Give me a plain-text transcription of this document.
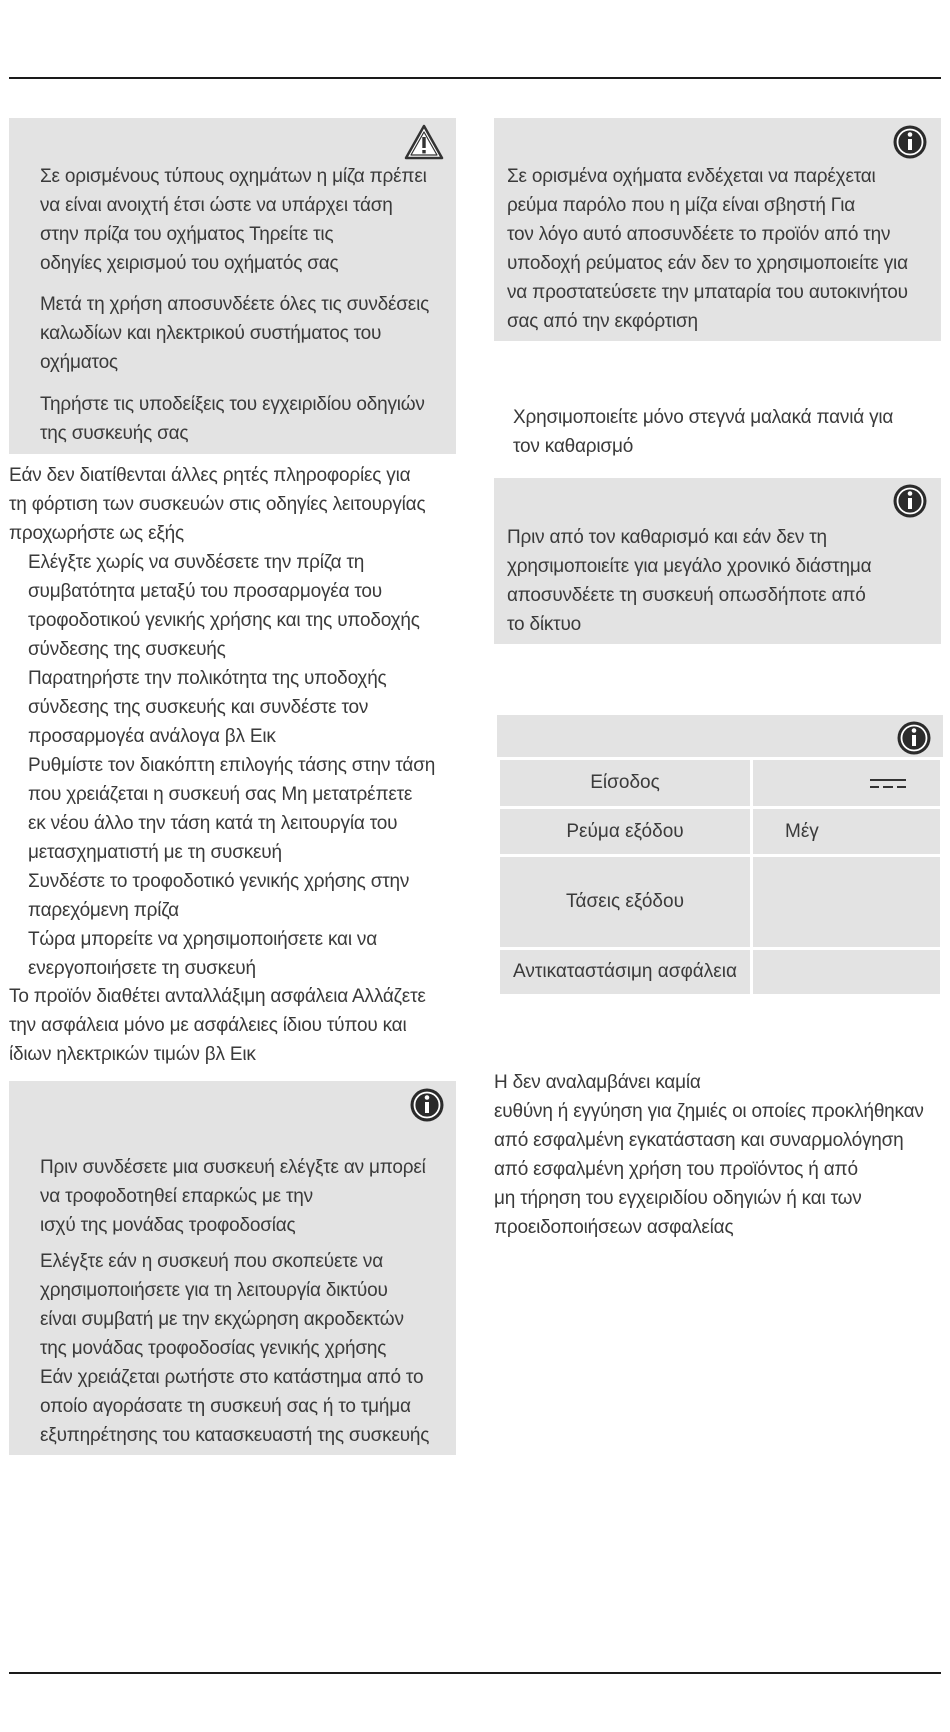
Σε ορισμένους τύπους οχημάτων η μίζα πρέπει
να είναι ανοιχτή έτσι ώστε να υπάρχει τάση
στην πρίζα του οχήματος Τηρείτε τις
οδηγίες χειρισμού του οχήματός σας
Μετά τη χρήση αποσυνδέετε όλες τις συνδέσεις
καλωδίων και ηλεκτρικού συστήματος του
οχήματος
Τηρήστε τις υποδείξεις του εγχειριδίου οδηγιών
της συσκευής σας
Εάν δεν διατίθενται άλλες ρητές πληροφορίες για
τη φόρτιση των συσκευών στις οδηγίες λειτουργίας
προχωρήστε ως εξής
Ελέγξτε χωρίς να συνδέσετε την πρίζα τη
συμβατότητα μεταξύ του προσαρμογέα του
τροφοδοτικού γενικής χρήσης και της υποδοχής
σύνδεσης της συσκευής
Παρατηρήστε την πολικότητα της υποδοχής
σύνδεσης της συσκευής και συνδέστε τον
προσαρμογέα ανάλογα βλ Εικ
Ρυθμίστε τον διακόπτη επιλογής τάσης στην τάση
που χρειάζεται η συσκευή σας Μη μετατρέπετε
εκ νέου άλλο την τάση κατά τη λειτουργία του
μετασχηματιστή με τη συσκευή
Συνδέστε το τροφοδοτικό γενικής χρήσης στην
παρεχόμενη πρίζα
Τώρα μπορείτε να χρησιμοποιήσετε και να
ενεργοποιήσετε τη συσκευή
Το προϊόν διαθέτει ανταλλάξιμη ασφάλεια Αλλάζετε
την ασφάλεια μόνο με ασφάλειες ίδιου τύπου και
ίδιων ηλεκτρικών τιμών βλ Εικ
Πριν συνδέσετε μια συσκευή ελέγξτε αν μπορεί
να τροφοδοτηθεί επαρκώς με την
ισχύ της μονάδας τροφοδοσίας
Ελέγξτε εάν η συσκευή που σκοπεύετε να
χρησιμοποιήσετε για τη λειτουργία δικτύου
είναι συμβατή με την εκχώρηση ακροδεκτών
της μονάδας τροφοδοσίας γενικής χρήσης
Εάν χρειάζεται ρωτήστε στο κατάστημα από το
οποίο αγοράσατε τη συσκευή σας ή το τμήμα
εξυπηρέτησης του κατασκευαστή της συσκευής
Σε ορισμένα οχήματα ενδέχεται να παρέχεται
ρεύμα παρόλο που η μίζα είναι σβηστή Για
τον λόγο αυτό αποσυνδέετε το προϊόν από την
υποδοχή ρεύματος εάν δεν το χρησιμοποιείτε για
να προστατεύσετε την μπαταρία του αυτοκινήτου
σας από την εκφόρτιση
Χρησιμοποιείτε μόνο στεγνά μαλακά πανιά για
τον καθαρισμό
Πριν από τον καθαρισμό και εάν δεν τη
χρησιμοποιείτε για μεγάλο χρονικό διάστημα
αποσυνδέετε τη συσκευή οπωσδήποτε από
το δίκτυο
Είσοδος	

Ρεύμα εξόδου	Μέγ
Τάσεις εξόδου	
Αντικαταστάσιμη ασφάλεια	
Η δεν αναλαμβάνει καμία
ευθύνη ή εγγύηση για ζημιές οι οποίες προκλήθηκαν
από εσφαλμένη εγκατάσταση και συναρμολόγηση
από εσφαλμένη χρήση του προϊόντος ή από
μη τήρηση του εγχειριδίου οδηγιών ή και των
προειδοποιήσεων ασφαλείας
